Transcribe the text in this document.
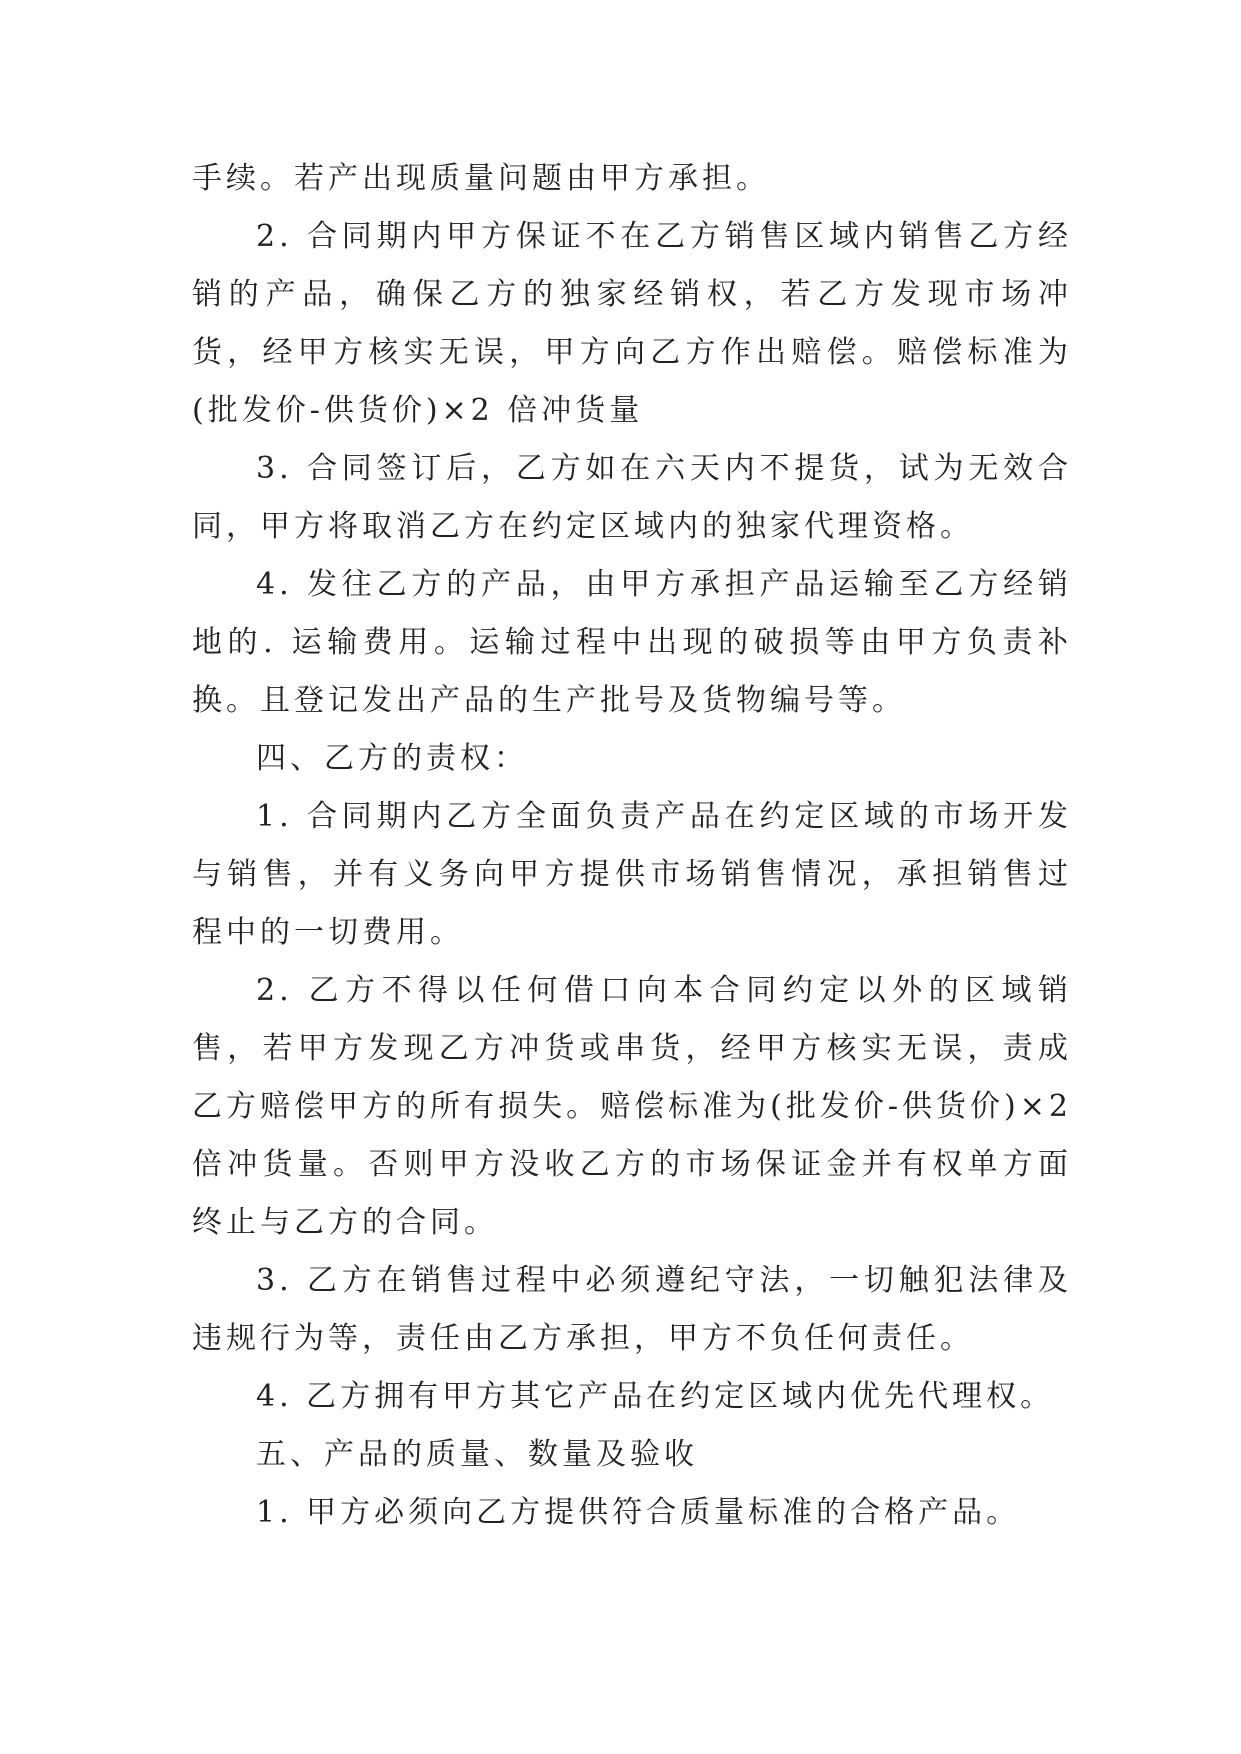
手续。若产出现质量问题由甲方承担。

2. 合同期内甲方保证不在乙方销售区域内销售乙方经销的产品，确保乙方的独家经销权，若乙方发现市场冲货，经甲方核实无误，甲方向乙方作出赔偿。赔偿标准为(批发价-供货价)×2 倍冲货量

3. 合同签订后，乙方如在六天内不提货，试为无效合同，甲方将取消乙方在约定区域内的独家代理资格。

4. 发往乙方的产品，由甲方承担产品运输至乙方经销地的. 运输费用。运输过程中出现的破损等由甲方负责补换。且登记发出产品的生产批号及货物编号等。

四、乙方的责权：

1. 合同期内乙方全面负责产品在约定区域的市场开发与销售，并有义务向甲方提供市场销售情况，承担销售过程中的一切费用。

2. 乙方不得以任何借口向本合同约定以外的区域销售，若甲方发现乙方冲货或串货，经甲方核实无误，责成乙方赔偿甲方的所有损失。赔偿标准为(批发价-供货价)×2 倍冲货量。否则甲方没收乙方的市场保证金并有权单方面终止与乙方的合同。

3. 乙方在销售过程中必须遵纪守法，一切触犯法律及违规行为等，责任由乙方承担，甲方不负任何责任。

4. 乙方拥有甲方其它产品在约定区域内优先代理权。

五、产品的质量、数量及验收

1. 甲方必须向乙方提供符合质量标准的合格产品。
